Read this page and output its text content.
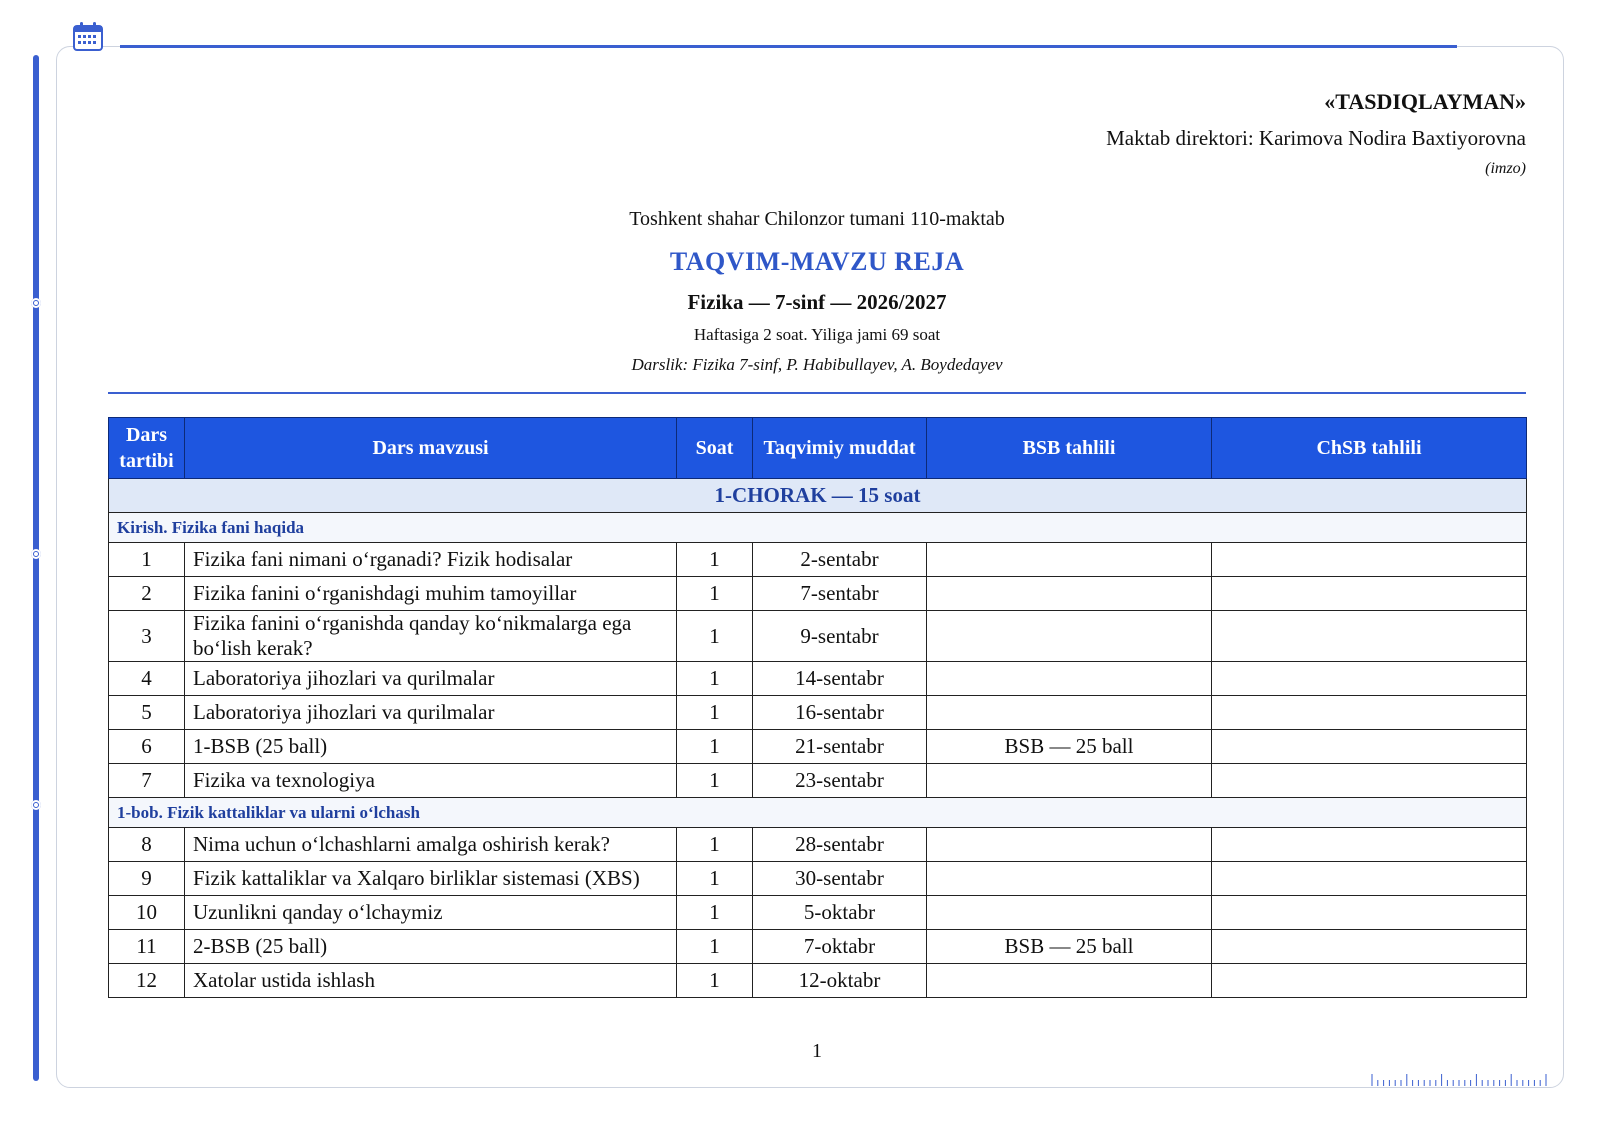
«TASDIQLAYMAN»
Maktab direktori: Karimova Nodira Baxtiyorovna
(imzo)
Toshkent shahar Chilonzor tumani 110-maktab
TAQVIM-MAVZU REJA
Fizika — 7-sinf — 2026/2027
Haftasiga 2 soat. Yiliga jami 69 soat
Darslik: Fizika 7-sinf, P. Habibullayev, A. Boydedayev
Dars tartibi	Dars mavzusi	Soat	Taqvimiy muddat	BSB tahlili	ChSB tahlili
1-CHORAK — 15 soat					
Kirish. Fizika fani haqida					
1	Fizika fani nimani oʻrganadi? Fizik hodisalar	1	2-sentabr		
2	Fizika fanini oʻrganishdagi muhim tamoyillar	1	7-sentabr		
3	Fizika fanini oʻrganishda qanday koʻnikmalarga ega boʻlish kerak?	1	9-sentabr		
4	Laboratoriya jihozlari va qurilmalar	1	14-sentabr		
5	Laboratoriya jihozlari va qurilmalar	1	16-sentabr		
6	1-BSB (25 ball)	1	21-sentabr	BSB — 25 ball	
7	Fizika va texnologiya	1	23-sentabr		
1-bob. Fizik kattaliklar va ularni oʻlchash					
8	Nima uchun oʻlchashlarni amalga oshirish kerak?	1	28-sentabr		
9	Fizik kattaliklar va Xalqaro birliklar sistemasi (XBS)	1	30-sentabr		
10	Uzunlikni qanday oʻlchaymiz	1	5-oktabr		
11	2-BSB (25 ball)	1	7-oktabr	BSB — 25 ball	
12	Xatolar ustida ishlash	1	12-oktabr		
1
